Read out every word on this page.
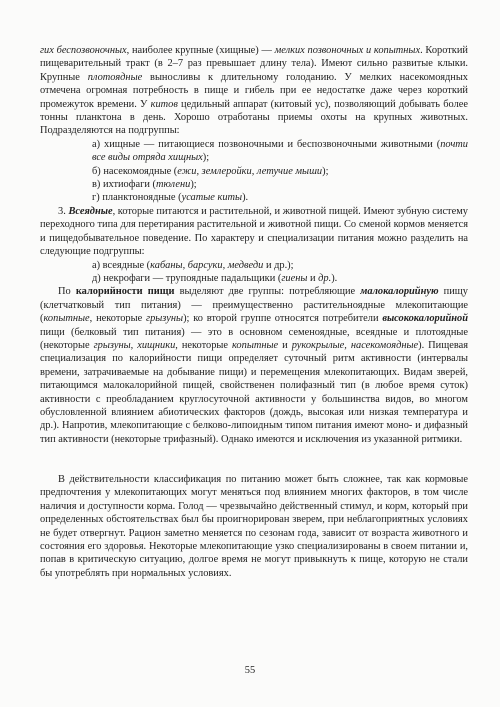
гих беспозвоночных, наиболее крупные (хищные) — мелких позвоночных и копытных. Короткий пищеварительный тракт (в 2–7 раз превышает длину тела). Имеют сильно развитые клыки. Крупные плотоядные выносливы к длительному голоданию. У мелких насекомоядных отмечена огромная потребность в пище и гибель при ее недостатке даже через короткий промежуток времени. У китов цедильный аппарат (китовый ус), позволяющий добывать более тонны планктона в день. Хорошо отработаны приемы охоты на крупных животных. Подразделяются на подгруппы:

а) хищные — питающиеся позвоночными и беспозвоночными животными (почти все виды отряда хищных);

б) насекомоядные (ежи, землеройки, летучие мыши);

в) ихтиофаги (тюлени);

г) планктоноядные (усатые киты).

3. Всеядные, которые питаются и растительной, и животной пищей. Имеют зубную систему переходного типа для перетирания растительной и животной пищи. Со сменой кормов меняется и пищедобывательное поведение. По характеру и специализации питания можно разделить на следующие подгруппы:

а) всеядные (кабаны, барсуки, медведи и др.);

д) некрофаги — трупоядные падальщики (гиены и др.).

По калорийности пищи выделяют две группы: потребляющие малокалорийную пищу (клетчатковый тип питания) — преимущественно растительноядные млекопитающие (копытные, некоторые грызуны); ко второй группе относятся потребители высококалорийной пищи (белковый тип питания) — это в основном семеноядные, всеядные и плотоядные (некоторые грызуны, хищники, некоторые копытные и рукокрылые, насекомоядные). Пищевая специализация по калорийности пищи определяет суточный ритм активности (интервалы времени, затрачиваемые на добывание пищи) и перемещения млекопитающих. Видам зверей, питающимся малокалорийной пищей, свойственен полифазный тип (в любое время суток) активности с преобладанием круглосуточной активности у большинства видов, во многом обусловленной влиянием абиотических факторов (дождь, высокая или низкая температура и др.). Напротив, млекопитающие с белково-липоидным типом питания имеют моно- и дифазный тип активности (некоторые трифазный). Однако имеются и исключения из указанной ритмики.

В действительности классификация по питанию может быть сложнее, так как кормовые предпочтения у млекопитающих могут меняться под влиянием многих факторов, в том числе наличия и доступности корма. Голод — чрезвычайно действенный стимул, и корм, который при определенных обстоятельствах был бы проигнорирован зверем, при неблагоприятных условиях не будет отвергнут. Рацион заметно меняется по сезонам года, зависит от возраста животного и состояния его здоровья. Некоторые млекопитающие узко специализированы в своем питании и, попав в критическую ситуацию, долгое время не могут привыкнуть к пище, которую не стали бы употреблять при нормальных условиях.

55
